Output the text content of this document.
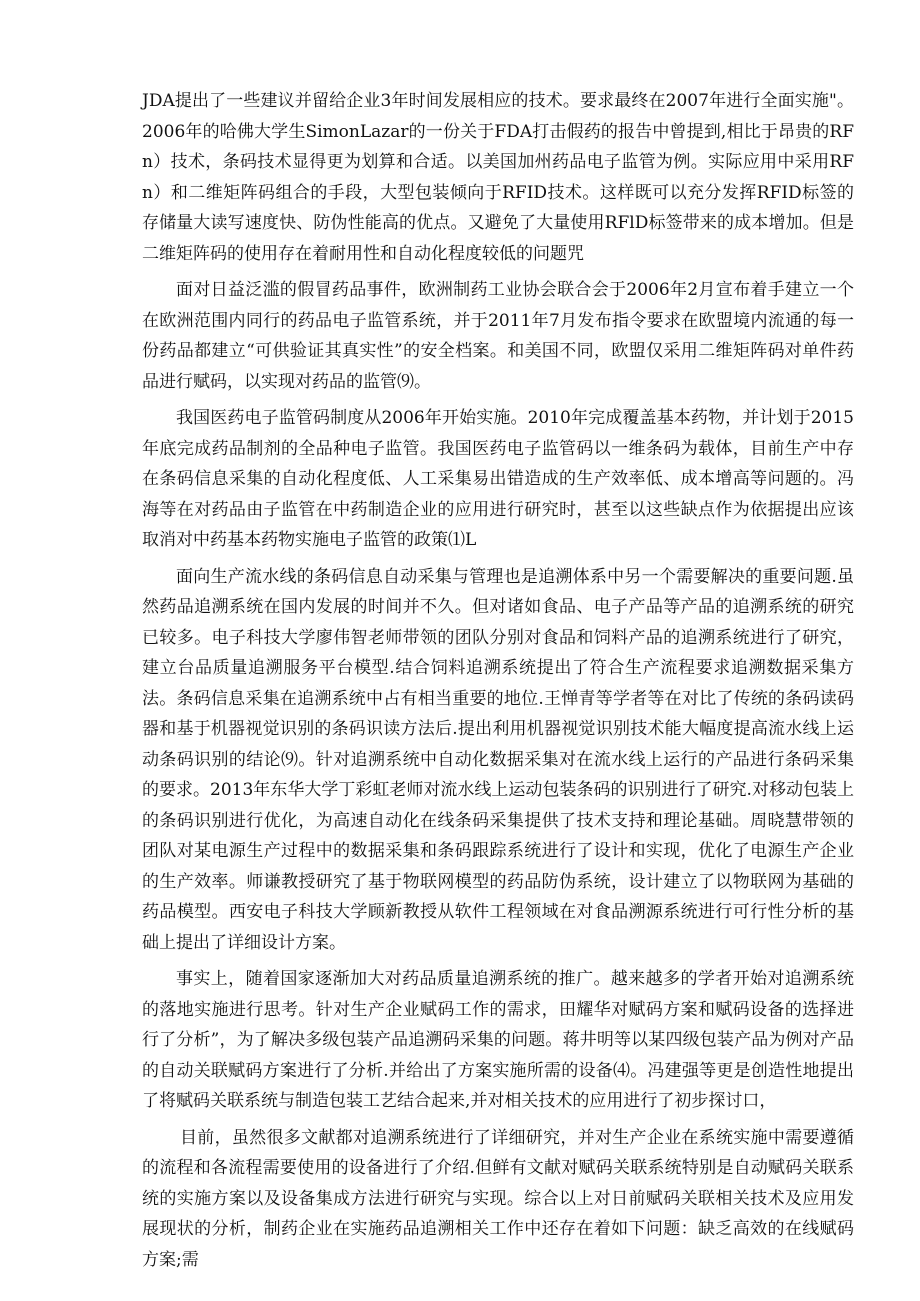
JDA提出了一些建议并留给企业3年时间发展相应的技术。要求最终在2007年进行全面实施"。2006年的哈佛大学生SimonLazar的一份关于FDA打击假药的报告中曾提到,相比于昂贵的RFn）技术，条码技术显得更为划算和合适。以美国加州药品电子监管为例。实际应用中采用RFn）和二维矩阵码组合的手段，大型包装倾向于RFID技术。这样既可以充分发挥RFID标签的存储量大读写速度快、防伪性能高的优点。又避免了大量使用RFlD标签带来的成本增加。但是二维矩阵码的使用存在着耐用性和自动化程度较低的问题咒

面对日益泛滥的假冒药品事件，欧洲制药工业协会联合会于2006年2月宣布着手建立一个在欧洲范围内同行的药品电子监管系统，并于2011年7月发布指令要求在欧盟境内流通的每一份药品都建立“可供验证其真实性”的安全档案。和美国不同，欧盟仅采用二维矩阵码对单件药品进行赋码，以实现对药品的监管⑼。

我国医药电子监管码制度从2006年开始实施。2010年完成覆盖基本药物，并计划于2015年底完成药品制剂的全品种电子监管。我国医药电子监管码以一维条码为载体，目前生产中存在条码信息采集的自动化程度低、人工采集易出错造成的生产效率低、成本增高等问题的。冯海等在对药品由子监管在中药制造企业的应用进行研究时，甚至以这些缺点作为依据提出应该取消对中药基本药物实施电子监管的政策⑴L

面向生产流水线的条码信息自动采集与管理也是追溯体系中另一个需要解决的重要问题.虽然药品追溯系统在国内发展的时间并不久。但对诸如食品、电子产品等产品的追溯系统的研究已较多。电子科技大学廖伟智老师带领的团队分别对食品和饲料产品的追溯系统进行了研究，建立台品质量追溯服务平台模型.结合饲料追溯系统提出了符合生产流程要求追溯数据采集方法。条码信息采集在追溯系统中占有相当重要的地位.王惮青等学者等在对比了传统的条码读码器和基于机器视觉识别的条码识读方法后.提出利用机器视觉识别技术能大幅度提高流水线上运动条码识别的结论⑼。针对追溯系统中自动化数据采集对在流水线上运行的产品进行条码采集的要求。2013年东华大学丁彩虹老师对流水线上运动包装条码的识别进行了研究.对移动包装上的条码识别进行优化，为高速自动化在线条码采集提供了技术支持和理论基础。周晓慧带领的团队对某电源生产过程中的数据采集和条码跟踪系统进行了设计和实现，优化了电源生产企业的生产效率。师谦教授研究了基于物联网模型的药品防伪系统，设计建立了以物联网为基础的药品模型。西安电子科技大学顾新教授从软件工程领域在对食品溯源系统进行可行性分析的基础上提出了详细设计方案。

事实上，随着国家逐渐加大对药品质量追溯系统的推广。越来越多的学者开始对追溯系统的落地实施进行思考。针对生产企业赋码工作的需求，田耀华对赋码方案和赋码设备的选择进行了分析”，为了解决多级包装产品追溯码采集的问题。蒋井明等以某四级包装产品为例对产品的自动关联赋码方案进行了分析.并给出了方案实施所需的设备⑷。冯建强等更是创造性地提出了将赋码关联系统与制造包装工艺结合起来,并对相关技术的应用进行了初步探讨口，

目前，虽然很多文献都对追溯系统进行了详细研究，并对生产企业在系统实施中需要遵循的流程和各流程需要使用的设备进行了介绍.但鲜有文献对赋码关联系统特别是自动赋码关联系统的实施方案以及设备集成方法进行研究与实现。综合以上对日前赋码关联相关技术及应用发展现状的分析，制药企业在实施药品追溯相关工作中还存在着如下问题：缺乏高效的在线赋码方案;需
